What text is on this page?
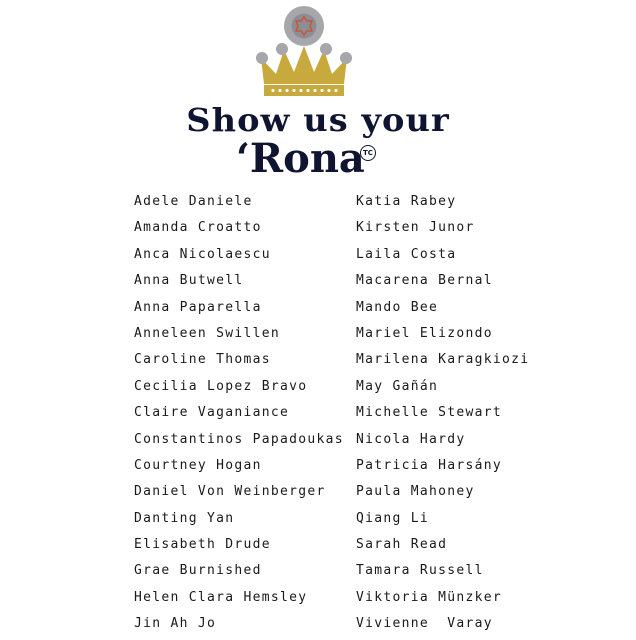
Show us your
‘Rona
TC
Adele Daniele
Amanda Croatto
Anca Nicolaescu
Anna Butwell
Anna Paparella
Anneleen Swillen
Caroline Thomas
Cecilia Lopez Bravo
Claire Vaganiance
Constantinos Papadoukas
Courtney Hogan
Daniel Von Weinberger
Danting Yan
Elisabeth Drude
Grae Burnished
Helen Clara Hemsley
Jin Ah Jo
Katia Rabey
Kirsten Junor
Laila Costa
Macarena Bernal
Mando Bee
Mariel Elizondo
Marilena Karagkiozi
May Gañán
Michelle Stewart
Nicola Hardy
Patricia Harsány
Paula Mahoney
Qiang Li
Sarah Read
Tamara Russell
Viktoria Münzker
Vivienne  Varay
